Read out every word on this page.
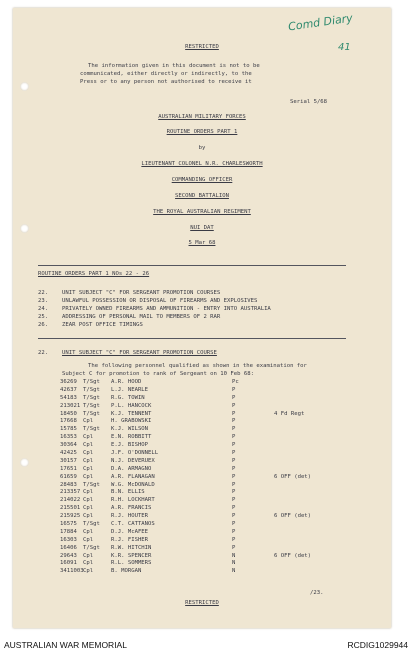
Comd Diary
41
RESTRICTED
The information given in this document is not to be
communicated, either directly or indirectly, to the
Press or to any person not authorised to receive it
Serial 5/68
AUSTRALIAN MILITARY FORCES
ROUTINE ORDERS PART 1
by
LIEUTENANT COLONEL N.R. CHARLESWORTH
COMMANDING OFFICER
SECOND BATTALION
THE ROYAL AUSTRALIAN REGIMENT
NUI DAT
5 Mar 68
ROUTINE ORDERS PART 1 NOs 22 - 26
22. UNIT SUBJECT "C" FOR SERGEANT PROMOTION COURSES
23. UNLAWFUL POSSESSION OR DISPOSAL OF FIREARMS AND EXPLOSIVES
24. PRIVATELY OWNED FIREARMS AND AMMUNITION - ENTRY INTO AUSTRALIA
25. ADDRESSING OF PERSONAL MAIL TO MEMBERS OF 2 RAR
26. ZEAR POST OFFICE TIMINGS
22. UNIT SUBJECT "C" FOR SERGEANT PROMOTION COURSE
The following personnel qualified as shown in the examination for
Subject C for promotion to rank of Sergeant on 10 Feb 68:
36269 T/Sgt A.R. HOOD	Pc
42637 T/Sgt L.J. NEARLE	P
54183 T/Sgt R.G. TOWIN	P
213021 T/Sgt P.L. HANCOCK	P
18450 T/Sgt K.J. TENNENT	P	4 Fd Regt
17668 Cpl	H. GRABOWSKI	P
15785 T/Sgt K.J. WILSON	P
16353 Cpl	E.N. ROBBITT	P
30364 Cpl	E.J. BISHOP	P
42425 Cpl	J.F. O'DONNELL	P
30157 Cpl	N.J. DEVERUEX	P
17651 Cpl	D.A. ARMAGNO	P
61659 Cpl	A.R. FLANAGAN	P	6 OFF (det)
28483 T/Sgt W.G. McDONALD	P
213357 Cpl	B.N. ELLIS	P
214022 Cpl	R.H. LOCKHART	P
215501 Cpl	A.R. FRANCIS	P
215925 Cpl	R.J. HOUTER	P	6 OFF (det)
16575 T/Sgt C.T. CATTANOS	P
17884 Cpl	D.J. McAFEE	P
16303 Cpl	R.J. FISHER	P
16406 T/Sgt R.W. HITCHIN	P
29643 Cpl	K.R. SPENCER	N	6 OFF (det)
16091 Cpl	R.L. SOMMERS	N
3411003 Cpl	B. MORGAN	N
/23.
RESTRICTED
AUSTRALIAN WAR MEMORIAL	RCDIG1029944
